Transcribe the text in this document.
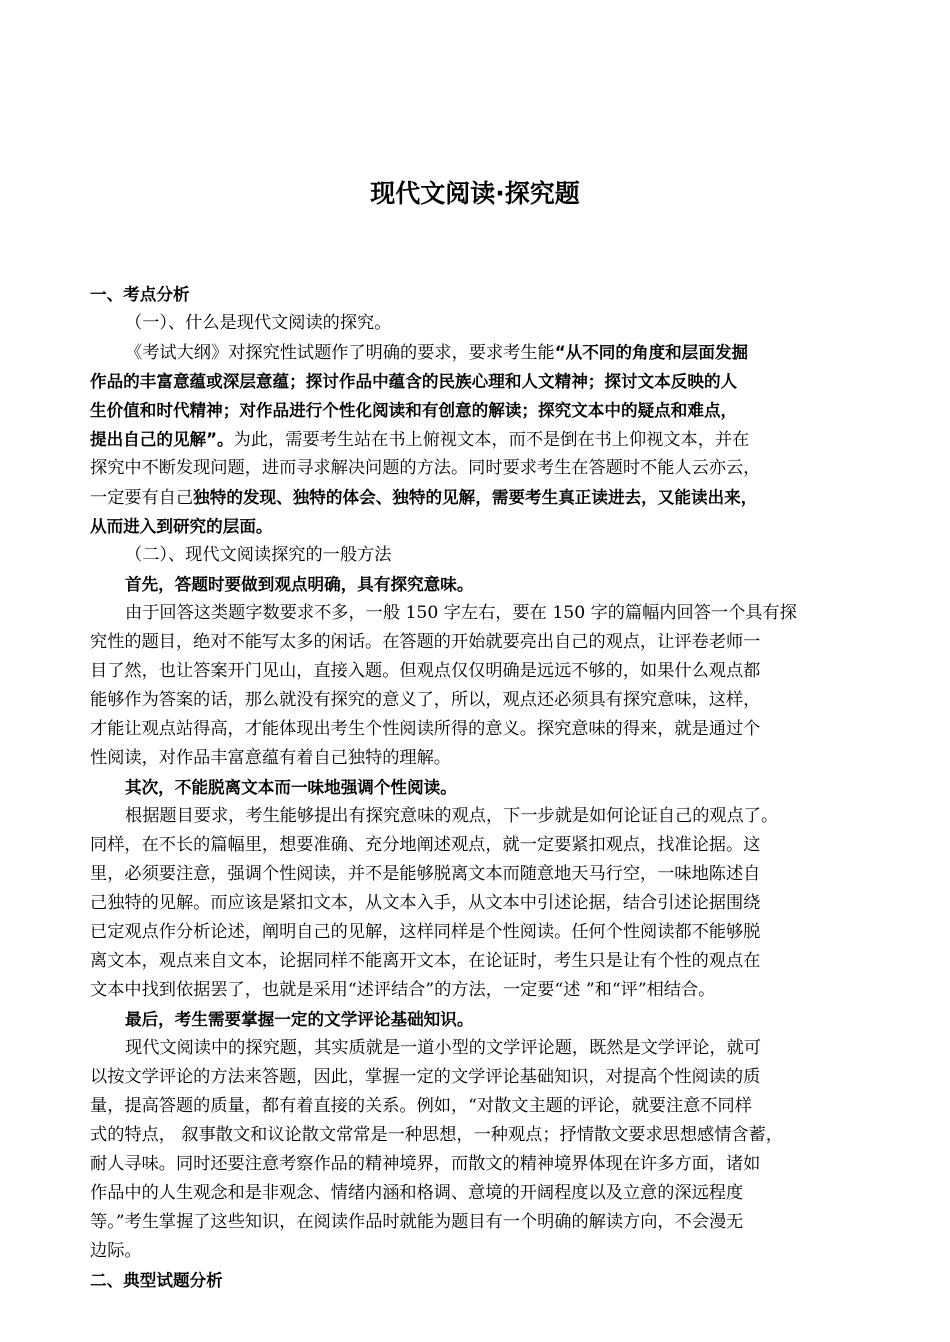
现代文阅读·探究题
一、考点分析
（一）、什么是现代文阅读的探究。
《考试大纲》对探究性试题作了明确的要求，要求考生能“从不同的角度和层面发掘
作品的丰富意蕴或深层意蕴；探讨作品中蕴含的民族心理和人文精神；探讨文本反映的人
生价值和时代精神；对作品进行个性化阅读和有创意的解读；探究文本中的疑点和难点，
提出自己的见解”。为此，需要考生站在书上俯视文本，而不是倒在书上仰视文本，并在
探究中不断发现问题，进而寻求解决问题的方法。同时要求考生在答题时不能人云亦云，
一定要有自己独特的发现、独特的体会、独特的见解，需要考生真正读进去，又能读出来，
从而进入到研究的层面。
（二）、现代文阅读探究的一般方法
首先，答题时要做到观点明确，具有探究意味。
由于回答这类题字数要求不多，一般 150 字左右，要在 150 字的篇幅内回答一个具有探
究性的题目，绝对不能写太多的闲话。在答题的开始就要亮出自己的观点，让评卷老师一
目了然，也让答案开门见山，直接入题。但观点仅仅明确是远远不够的，如果什么观点都
能够作为答案的话，那么就没有探究的意义了，所以，观点还必须具有探究意味，这样，
才能让观点站得高，才能体现出考生个性阅读所得的意义。探究意味的得来，就是通过个
性阅读，对作品丰富意蕴有着自己独特的理解。
其次，不能脱离文本而一味地强调个性阅读。
根据题目要求，考生能够提出有探究意味的观点，下一步就是如何论证自己的观点了。
同样，在不长的篇幅里，想要准确、充分地阐述观点，就一定要紧扣观点，找准论据。这
里，必须要注意，强调个性阅读，并不是能够脱离文本而随意地天马行空，一味地陈述自
己独特的见解。而应该是紧扣文本，从文本入手，从文本中引述论据，结合引述论据围绕
已定观点作分析论述，阐明自己的见解，这样同样是个性阅读。任何个性阅读都不能够脱
离文本，观点来自文本，论据同样不能离开文本，在论证时，考生只是让有个性的观点在
文本中找到依据罢了，也就是采用“述评结合”的方法，一定要“述 ”和“评”相结合。
最后，考生需要掌握一定的文学评论基础知识。
现代文阅读中的探究题，其实质就是一道小型的文学评论题，既然是文学评论，就可
以按文学评论的方法来答题，因此，掌握一定的文学评论基础知识，对提高个性阅读的质
量，提高答题的质量，都有着直接的关系。例如，“对散文主题的评论，就要注意不同样
式的特点， 叙事散文和议论散文常常是一种思想，一种观点；抒情散文要求思想感情含蓄，
耐人寻味。同时还要注意考察作品的精神境界，而散文的精神境界体现在许多方面，诸如
作品中的人生观念和是非观念、情绪内涵和格调、意境的开阔程度以及立意的深远程度
等。”考生掌握了这些知识，在阅读作品时就能为题目有一个明确的解读方向，不会漫无
边际。
二、典型试题分析
